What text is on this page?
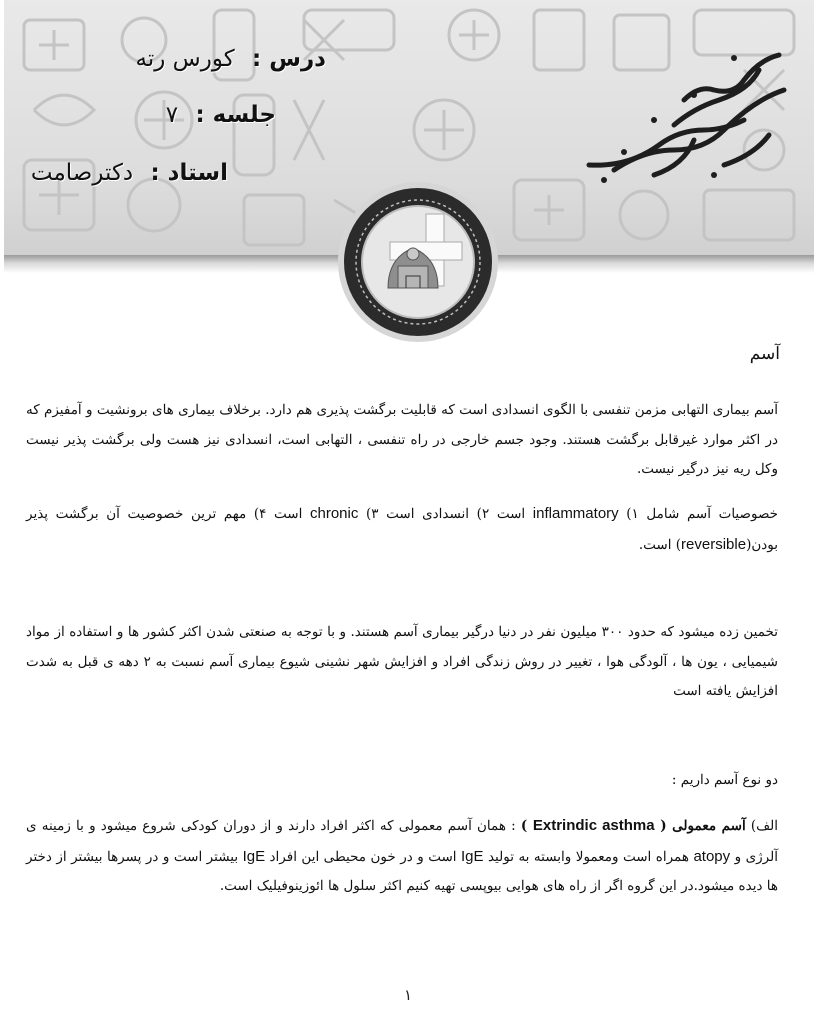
درس : کورس رته
جلسه : ۷
استاد : دکترصامت
آسم
آسم بیماری التهابی مزمن تنفسی با الگوی انسدادی است که قابلیت برگشت پذیری هم دارد. برخلاف بیماری های برونشیت و آمفیزم که در اکثر موارد غیرقابل برگشت هستند. وجود جسم خارجی در راه تنفسی ، التهابی است، انسدادی نیز هست ولی برگشت پذیر نیست وکل ریه نیز درگیر نیست.
خصوصیات آسم شامل ۱) inflammatory است ۲) انسدادی است ۳) chronic است ۴) مهم ترین خصوصیت آن برگشت پذیر بودن(reversible) است.
تخمین زده میشود که حدود ۳۰۰ میلیون نفر در دنیا درگیر بیماری آسم هستند. و با توجه به صنعتی شدن اکثر کشور ها و استفاده از مواد شیمیایی ، یون ها ، آلودگی هوا ، تغییر در روش زندگی افراد و افزایش شهر نشینی شیوع بیماری آسم نسبت به ۲ دهه ی قبل به شدت افزایش یافته است
دو نوع آسم داریم :
الف) آسم معمولی ( Extrindic asthma ) : همان آسم معمولی که اکثر افراد دارند و از دوران کودکی شروع میشود و با زمینه ی آلرژی و atopy همراه است ومعمولا وابسته به تولید IgE است و در خون محیطی این افراد IgE بیشتر است و در پسرها بیشتر از دختر ها دیده میشود.در این گروه اگر از راه های هوایی بیوپسی تهیه کنیم اکثر سلول ها ائوزینوفیلیک است.
۱
